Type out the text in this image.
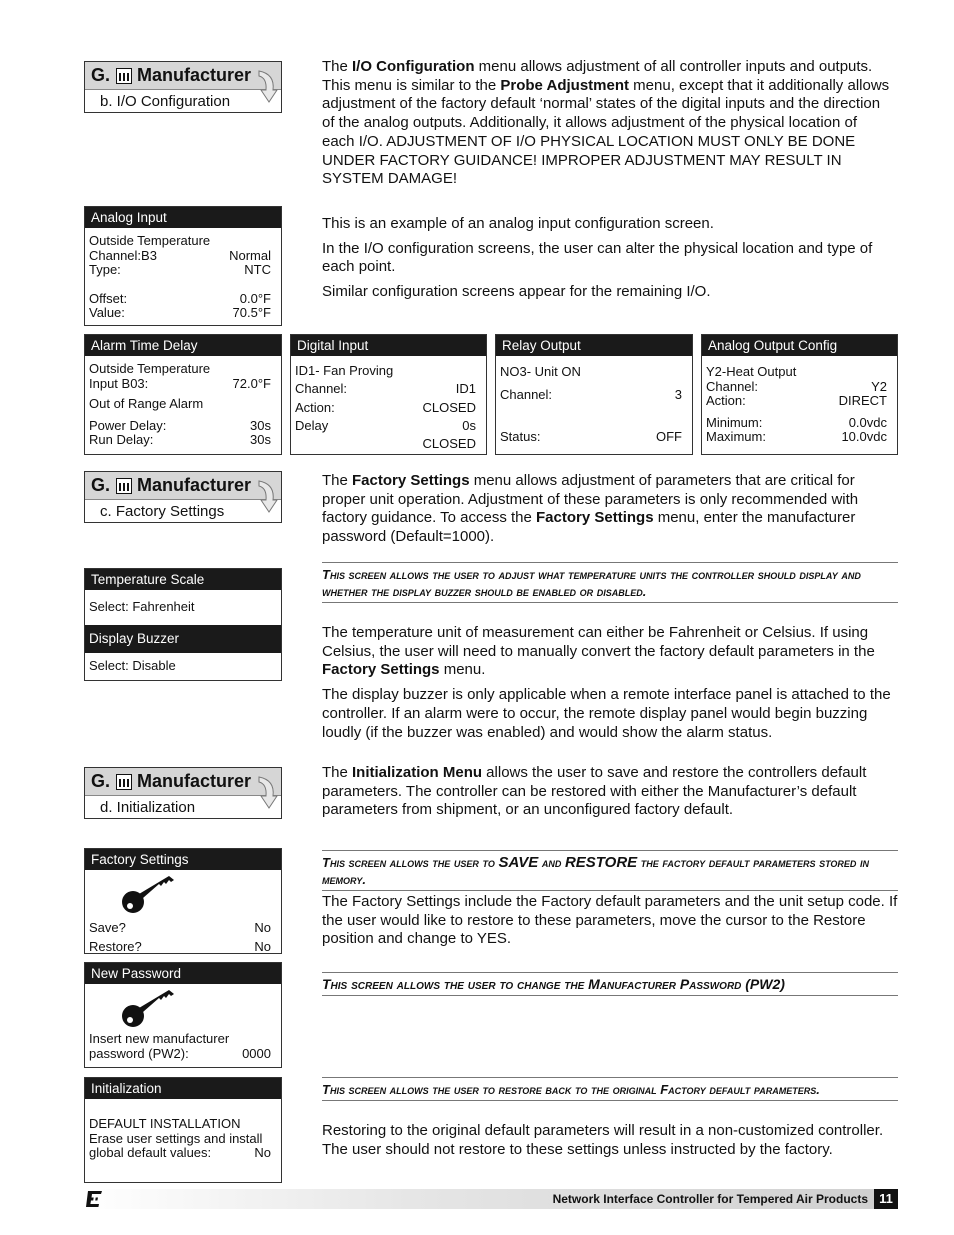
G. Manufacturer
b. I/O Configuration
The I/O Configuration menu allows adjustment of all controller inputs and outputs. This menu is similar to the Probe Adjustment menu, except that it additionally allows adjustment of the factory default ‘normal’ states of the digital inputs and the direction of the analog outputs. Additionally, it allows adjustment of the physical location of each I/O. ADJUSTMENT OF I/O PHYSICAL LOCATION MUST ONLY BE DONE UNDER FACTORY GUIDANCE! IMPROPER ADJUSTMENT MAY RESULT IN SYSTEM DAMAGE!
Analog Input
Outside Temperature
Channel:B3	Normal
Type:	NTC
Offset:	0.0°F
Value:	70.5°F

This is an example of an analog input configuration screen.

In the I/O configuration screens, the user can alter the physical location and type of each point.

Similar configuration screens appear for the remaining I/O.

Alarm Time Delay
Outside Temperature
Input B03:	72.0°F
Out of Range Alarm
Power Delay:	30s
Run Delay:	30s
Digital Input
ID1- Fan Proving
Channel:	ID1
Action:	CLOSED
Delay	0s
CLOSED
Relay Output
NO3- Unit ON
Channel:	3
Status:	OFF
Analog Output Config
Y2-Heat Output
Channel:	Y2
Action:	DIRECT
Minimum:	0.0vdc
Maximum:	10.0vdc
G. Manufacturer
c. Factory Settings
The Factory Settings menu allows adjustment of parameters that are critical for proper unit operation. Adjustment of these parameters is only recommended with factory guidance. To access the Factory Settings menu, enter the manufacturer password (Default=1000).
This screen allows the user to adjust what temperature units the controller should display and whether the display buzzer should be enabled or disabled.
Temperature Scale
Select: Fahrenheit
Display Buzzer
Select: Disable

The temperature unit of measurement can either be Fahrenheit or Celsius. If using Celsius, the user will need to manually convert the factory default parameters in the Factory Settings menu.

The display buzzer is only applicable when a remote interface panel is attached to the controller. If an alarm were to occur, the remote display panel would begin buzzing loudly (if the buzzer was enabled) and would show the alarm status.

G. Manufacturer
d. Initialization
The Initialization Menu allows the user to save and restore the controllers default parameters. The controller can be restored with either the Manufacturer’s default parameters from shipment, or an unconfigured factory default.
Factory Settings
Save?	No
Restore?	No
This screen allows the user to SAVE and RESTORE the factory default parameters stored in memory.
The Factory Settings include the Factory default parameters and the unit setup code. If the user would like to restore to these parameters, move the cursor to the Restore position and change to YES.
New Password
Insert new manufacturer
password (PW2):	0000
This screen allows the user to change the Manufacturer Password (PW2)
Initialization
DEFAULT INSTALLATION
Erase user settings and install
global default values:	No
This screen allows the user to restore back to the original Factory default parameters.
Restoring to the original default parameters will result in a non-customized controller. The user should not restore to these settings unless instructed by the factory.
Network Interface Controller for Tempered Air Products 11
